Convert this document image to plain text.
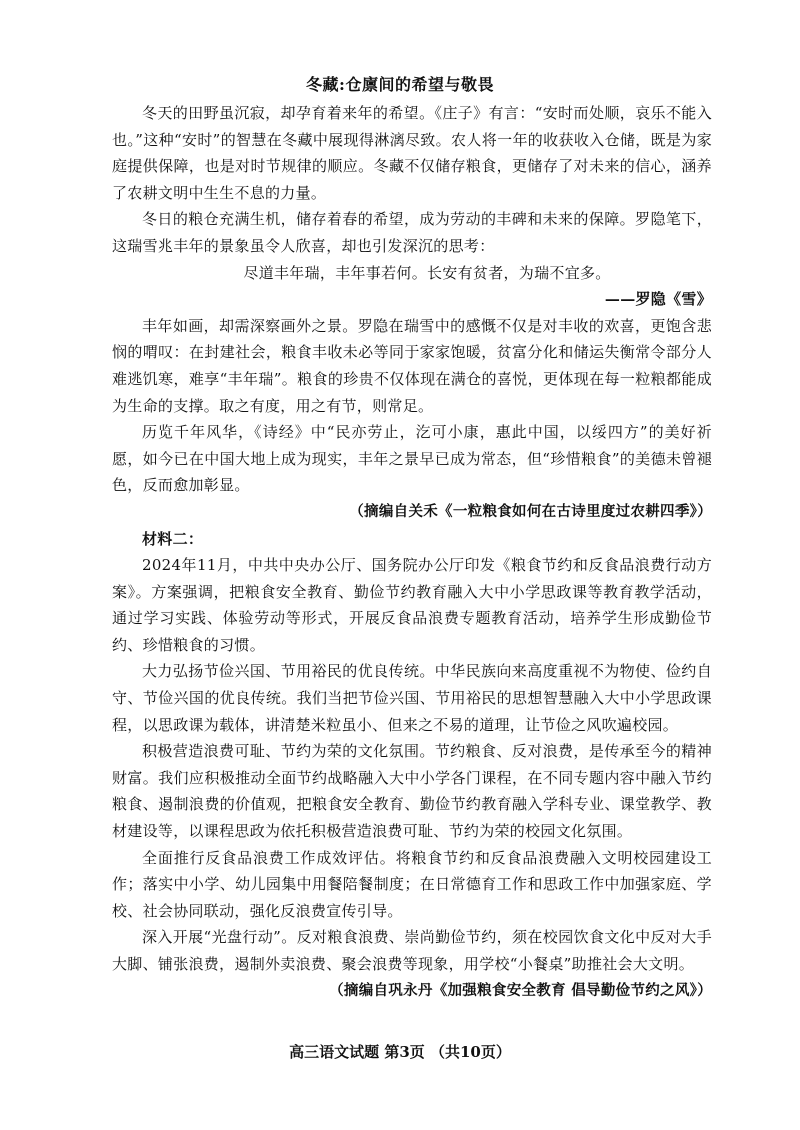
冬藏:仓廪间的希望与敬畏

冬天的田野虽沉寂，却孕育着来年的希望。《庄子》有言：“安时而处顺，哀乐不能入也。”这种“安时”的智慧在冬藏中展现得淋漓尽致。农人将一年的收获收入仓储，既是为家庭提供保障，也是对时节规律的顺应。冬藏不仅储存粮食，更储存了对未来的信心，涵养了农耕文明中生生不息的力量。

冬日的粮仓充满生机，储存着春的希望，成为劳动的丰碑和未来的保障。罗隐笔下，这瑞雪兆丰年的景象虽令人欣喜，却也引发深沉的思考：

尽道丰年瑞，丰年事若何。长安有贫者，为瑞不宜多。

——罗隐《雪》

丰年如画，却需深察画外之景。罗隐在瑞雪中的感慨不仅是对丰收的欢喜，更饱含悲悯的喟叹：在封建社会，粮食丰收未必等同于家家饱暖，贫富分化和储运失衡常令部分人难逃饥寒，难享“丰年瑞”。粮食的珍贵不仅体现在满仓的喜悦，更体现在每一粒粮都能成为生命的支撑。取之有度，用之有节，则常足。

历览千年风华，《诗经》中“民亦劳止，汔可小康，惠此中国，以绥四方”的美好祈愿，如今已在中国大地上成为现实，丰年之景早已成为常态，但“珍惜粮食”的美德未曾褪色，反而愈加彰显。

（摘编自关禾《一粒粮食如何在古诗里度过农耕四季》）

材料二：

2024年11月，中共中央办公厅、国务院办公厅印发《粮食节约和反食品浪费行动方案》。方案强调，把粮食安全教育、勤俭节约教育融入大中小学思政课等教育教学活动，通过学习实践、体验劳动等形式，开展反食品浪费专题教育活动，培养学生形成勤俭节约、珍惜粮食的习惯。

大力弘扬节俭兴国、节用裕民的优良传统。中华民族向来高度重视不为物使、俭约自守、节俭兴国的优良传统。我们当把节俭兴国、节用裕民的思想智慧融入大中小学思政课程，以思政课为载体，讲清楚米粒虽小、但来之不易的道理，让节俭之风吹遍校园。

积极营造浪费可耻、节约为荣的文化氛围。节约粮食、反对浪费，是传承至今的精神财富。我们应积极推动全面节约战略融入大中小学各门课程，在不同专题内容中融入节约粮食、遏制浪费的价值观，把粮食安全教育、勤俭节约教育融入学科专业、课堂教学、教材建设等，以课程思政为依托积极营造浪费可耻、节约为荣的校园文化氛围。

全面推行反食品浪费工作成效评估。将粮食节约和反食品浪费融入文明校园建设工作；落实中小学、幼儿园集中用餐陪餐制度；在日常德育工作和思政工作中加强家庭、学校、社会协同联动，强化反浪费宣传引导。

深入开展“光盘行动”。反对粮食浪费、崇尚勤俭节约，须在校园饮食文化中反对大手大脚、铺张浪费，遏制外卖浪费、聚会浪费等现象，用学校“小餐桌”助推社会大文明。

（摘编自巩永丹《加强粮食安全教育 倡导勤俭节约之风》）

高三语文试题 第3页 （共10页）
